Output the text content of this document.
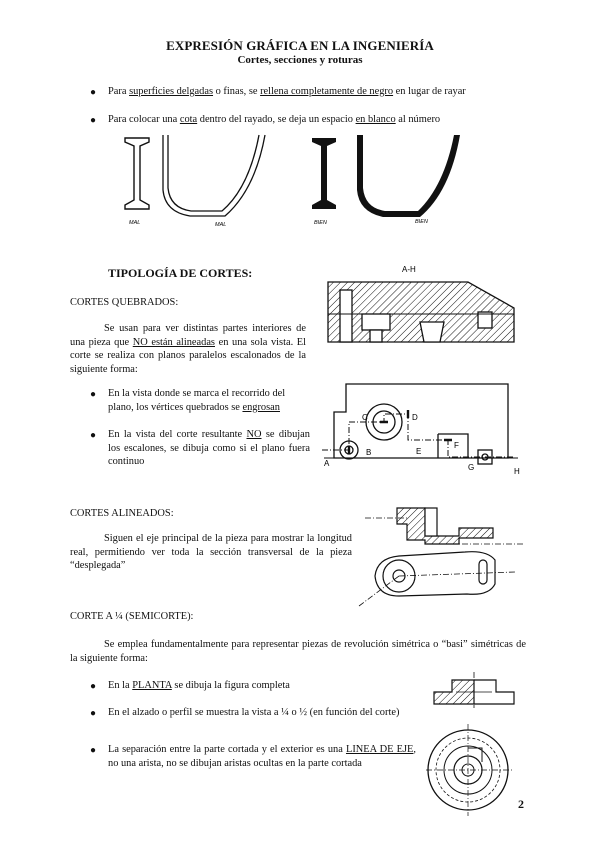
EXPRESIÓN GRÁFICA EN LA INGENIERÍA
Cortes, secciones y roturas
● Para superficies delgadas o finas, se rellena completamente de negro en lugar de rayar
● Para colocar una cota dentro del rayado, se deja un espacio en blanco al número
MAL	MAL	BIEN	BIEN
TIPOLOGÍA DE CORTES:
CORTES QUEBRADOS:
Se usan para ver distintas partes interiores de una pieza que NO están alineadas en una sola vista. El corte se realiza con planos paralelos escalonados de la siguiente forma:
● En la vista donde se marca el recorrido del plano, los vértices quebrados se engrosan
● En la vista del corte resultante NO se dibujan los escalones, se dibuja como si el plano fuera continuo
A-H
A
B
C	D
E
F
G	H
CORTES ALINEADOS:
Siguen el eje principal de la pieza para mostrar la longitud real, permitiendo ver toda la sección transversal de la pieza “desplegada”
CORTE A ¼ (SEMICORTE):
Se emplea fundamentalmente para representar piezas de revolución simétrica o “basi” simétricas de la siguiente forma:
● En la PLANTA se dibuja la figura completa
● En el alzado o perfil se muestra la vista a ¼ o ½ (en función del corte)
● La separación entre la parte cortada y el exterior es una LINEA DE EJE, no una arista, no se dibujan aristas ocultas en la parte cortada
2
